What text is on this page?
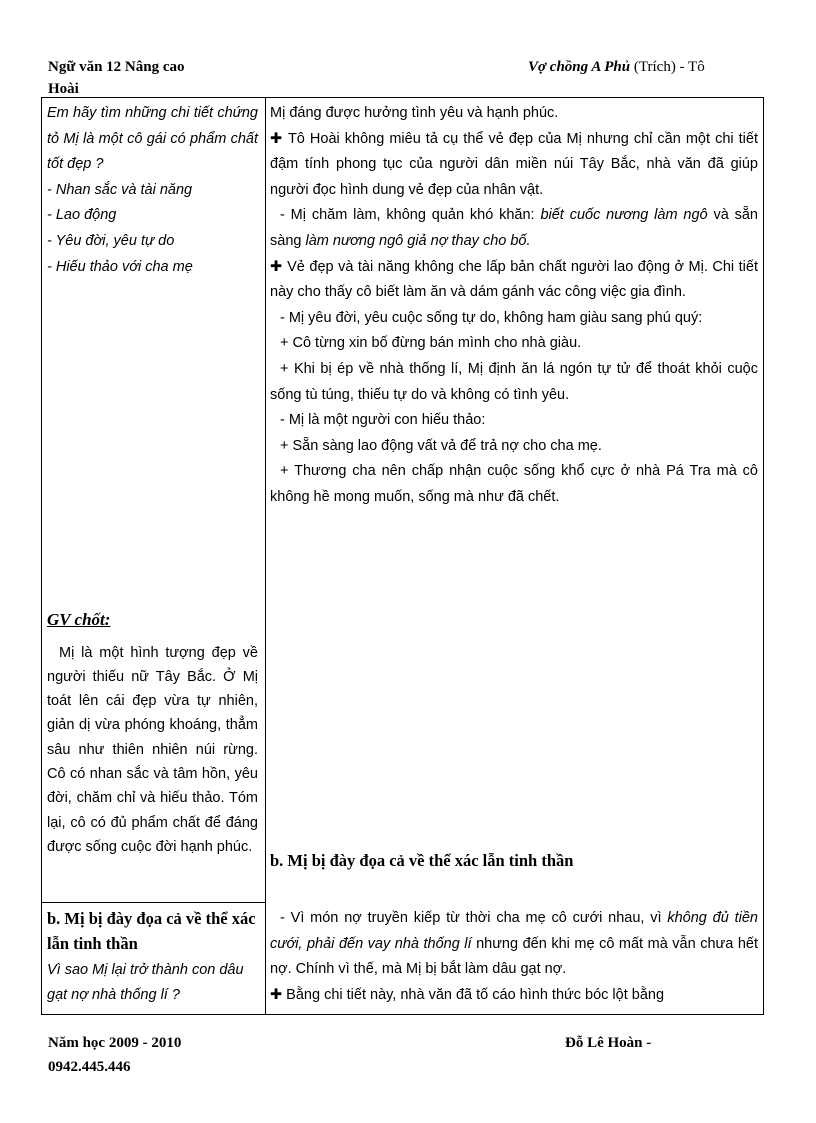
Ngữ văn 12 Nâng cao
Hoài
Vợ chồng A Phủ (Trích) - Tô

Em hãy tìm những chi tiết chứng tỏ Mị là một cô gái có phẩm chất tốt đẹp ?

- Nhan sắc và tài năng

- Lao động

- Yêu đời, yêu tự do

- Hiếu thảo với cha mẹ

GV chốt:

Mị là một hình tượng đẹp về người thiếu nữ Tây Bắc. Ở Mị toát lên cái đẹp vừa tự nhiên, giản dị vừa phóng khoáng, thẳm sâu như thiên nhiên núi rừng. Cô có nhan sắc và tâm hồn, yêu đời, chăm chỉ và hiếu thảo. Tóm lại, cô có đủ phẩm chất để đáng được sống cuộc đời hạnh phúc.

b. Mị bị đày đọa cả về thể xác lẫn tinh thần

Vì sao Mị lại trở thành con dâu gạt nợ nhà thống lí ?

Mị đáng được hưởng tình yêu và hạnh phúc.

✚ Tô Hoài không miêu tả cụ thể vẻ đẹp của Mị nhưng chỉ cần một chi tiết đậm tính phong tục của người dân miền núi Tây Bắc, nhà văn đã giúp người đọc hình dung vẻ đẹp của nhân vật.

- Mị chăm làm, không quản khó khăn: biết cuốc nương làm ngô và sẵn sàng làm nương ngô giả nợ thay cho bố.

✚ Vẻ đẹp và tài năng không che lấp bản chất người lao động ở Mị. Chi tiết này cho thấy cô biết làm ăn và dám gánh vác công việc gia đình.

- Mị yêu đời, yêu cuộc sống tự do, không ham giàu sang phú quý:

+ Cô từng xin bố đừng bán mình cho nhà giàu.

+ Khi bị ép về nhà thống lí, Mị định ăn lá ngón tự tử để thoát khỏi cuộc sống tù túng, thiếu tự do và không có tình yêu.

- Mị là một người con hiếu thảo:

+ Sẵn sàng lao động vất vả để trả nợ cho cha mẹ.

+ Thương cha nên chấp nhận cuộc sống khổ cực ở nhà Pá Tra mà cô không hề mong muốn, sống mà như đã chết.

b. Mị bị đày đọa cả về thể xác lẫn tinh thần

- Vì món nợ truyền kiếp từ thời cha mẹ cô cưới nhau, vì không đủ tiền cưới, phải đến vay nhà thống lí nhưng đến khi mẹ cô mất mà vẫn chưa hết nợ. Chính vì thế, mà Mị bị bắt làm dâu gạt nợ.

✚ Bằng chi tiết này, nhà văn đã tố cáo hình thức bóc lột bằng

Năm học 2009 - 2010
0942.445.446
Đỗ Lê Hoàn -
